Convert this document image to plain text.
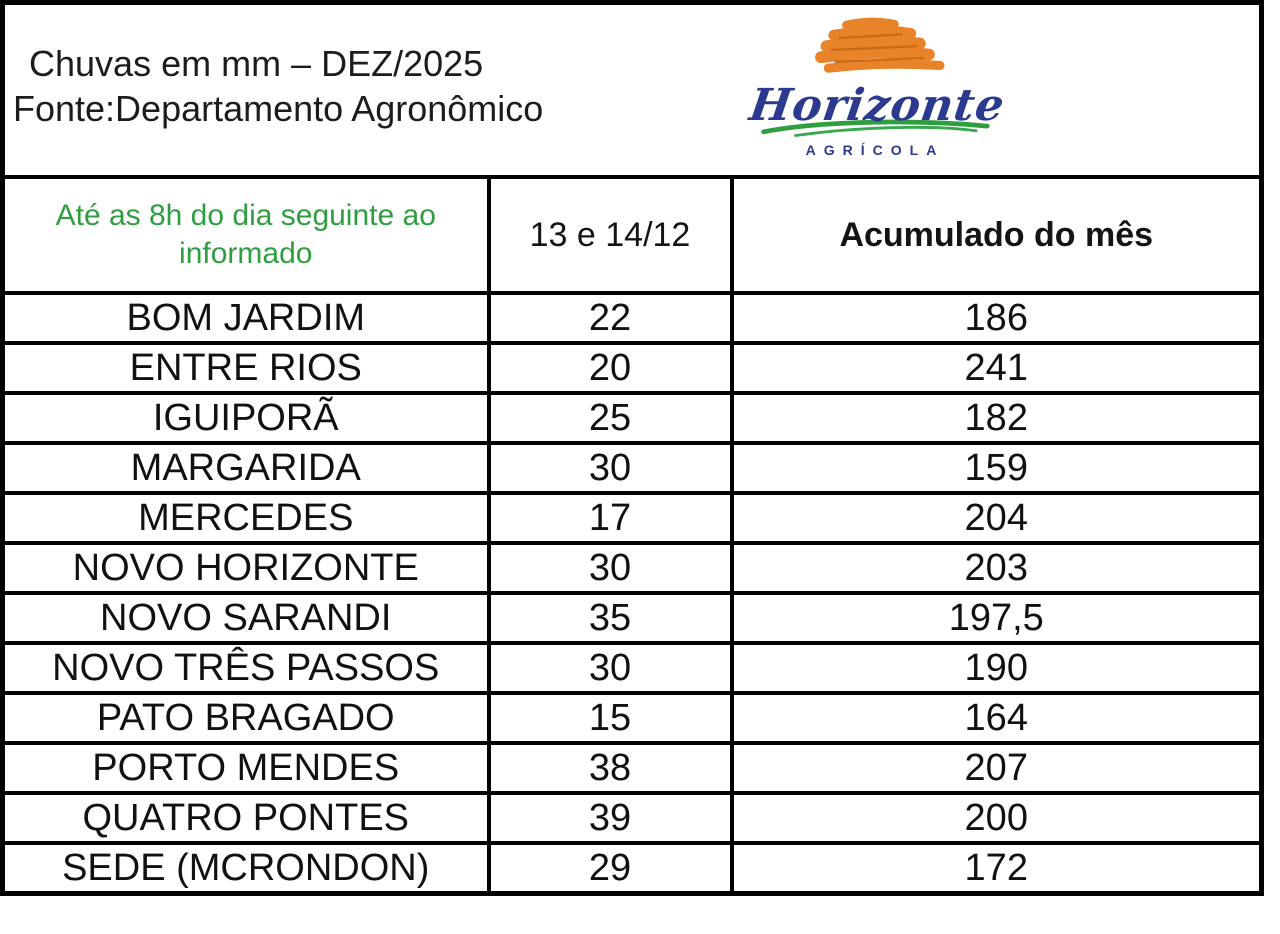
Chuvas em mm – DEZ/2025
Fonte:Departamento Agronômico Horizonte
AGRÍCOLA		

Até as 8h do dia seguinte ao informado	13 e 14/12	Acumulado do mês

BOM JARDIM	22	186
ENTRE RIOS	20	241
IGUIPORÃ	25	182
MARGARIDA	30	159
MERCEDES	17	204
NOVO HORIZONTE	30	203
NOVO SARANDI	35	197,5
NOVO TRÊS PASSOS	30	190
PATO BRAGADO	15	164
PORTO MENDES	38	207
QUATRO PONTES	39	200
SEDE (MCRONDON)	29	172
